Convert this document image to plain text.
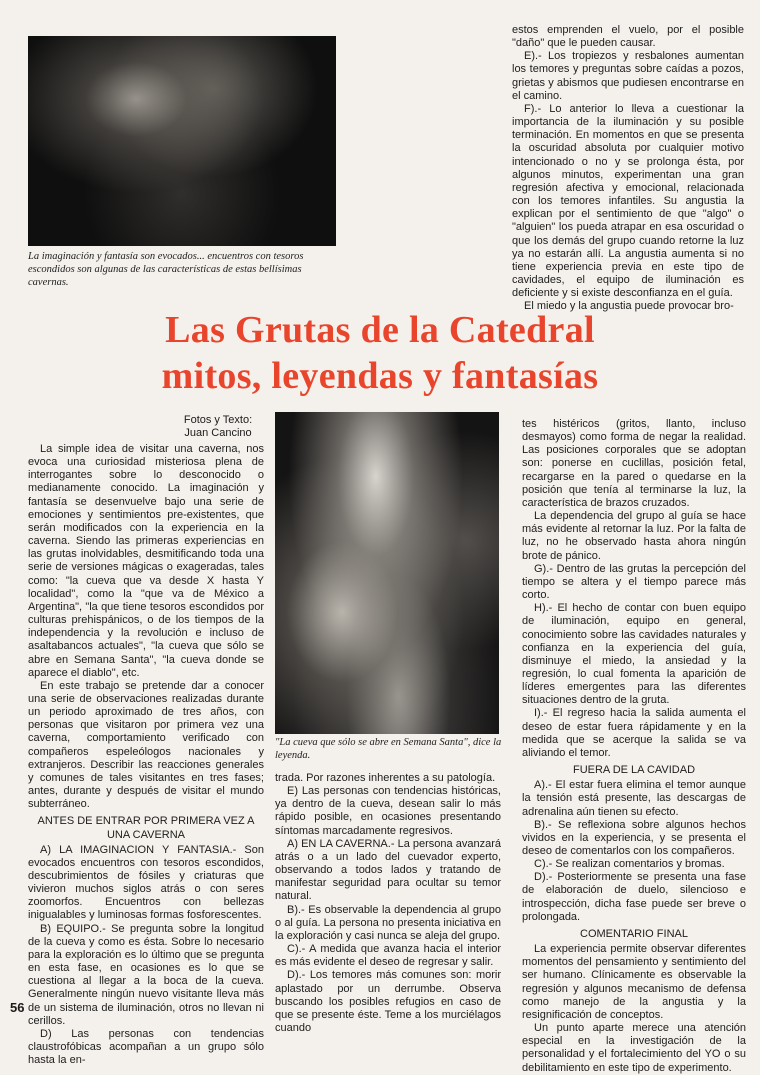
La imaginación y fantasía son evocados... encuentros con tesoros escondidos son algunas de las características de estas bellísimas cavernas.

estos emprenden el vuelo, por el posible "daño" que le pueden causar.

E).- Los tropiezos y resbalones aumentan los temores y preguntas sobre caídas a pozos, grietas y abismos que pudiesen encontrarse en el camino.

F).- Lo anterior lo lleva a cuestionar la importancia de la iluminación y su posible terminación. En momentos en que se presenta la oscuridad absoluta por cualquier motivo intencionado o no y se prolonga ésta, por algunos minutos, experimentan una gran regresión afectiva y emocional, relacionada con los temores infantiles. Su angustia la explican por el sentimiento de que "algo" o "alguien" los pueda atrapar en esa oscuridad o que los demás del grupo cuando retorne la luz ya no estarán allí. La angustia aumenta si no tiene experiencia previa en este tipo de cavidades, el equipo de iluminación es deficiente y si existe desconfianza en el guía.

El miedo y la angustia puede provocar bro-

Las Grutas de la Catedral
mitos, leyendas y fantasías
Fotos y Texto:
Juan Cancino

La simple idea de visitar una caverna, nos evoca una curiosidad misteriosa plena de interrogantes sobre lo desconocido o medianamente conocido. La imaginación y fantasía se desenvuelve bajo una serie de emociones y sentimientos pre-existentes, que serán modificados con la experiencia en la caverna. Siendo las primeras experiencias en las grutas inolvidables, desmitificando toda una serie de versiones mágicas o exageradas, tales como: "la cueva que va desde X hasta Y localidad", como la "que va de México a Argentina", "la que tiene tesoros escondidos por culturas prehispánicos, o de los tiempos de la independencia y la revolución e incluso de asaltabancos actuales", "la cueva que sólo se abre en Semana Santa", "la cueva donde se aparece el diablo", etc.

En este trabajo se pretende dar a conocer una serie de observaciones realizadas durante un periodo aproximado de tres años, con personas que visitaron por primera vez una caverna, comportamiento verificado con compañeros espeleólogos nacionales y extranjeros. Describir las reacciones generales y comunes de tales visitantes en tres fases; antes, durante y después de visitar el mundo subterráneo.

ANTES DE ENTRAR POR PRIMERA VEZ A UNA CAVERNA

A) LA IMAGINACION Y FANTASIA.- Son evocados encuentros con tesoros escondidos, descubrimientos de fósiles y criaturas que vivieron muchos siglos atrás o con seres zoomorfos. Encuentros con bellezas inigualables y luminosas formas fosforescentes.

B) EQUIPO.- Se pregunta sobre la longitud de la cueva y como es ésta. Sobre lo necesario para la exploración es lo último que se pregunta en esta fase, en ocasiones es lo que se cuestiona al llegar a la boca de la cueva. Generalmente ningún nuevo visitante lleva más de un sistema de iluminación, otros no llevan ni cerillos.

D) Las personas con tendencias claustrofóbicas acompañan a un grupo sólo hasta la en-

"La cueva que sólo se abre en Semana Santa", dice la leyenda.

trada. Por razones inherentes a su patología.

E) Las personas con tendencias históricas, ya dentro de la cueva, desean salir lo más rápido posible, en ocasiones presentando síntomas marcadamente regresivos.

A) EN LA CAVERNA.- La persona avanzará atrás o a un lado del cuevador experto, observando a todos lados y tratando de manifestar seguridad para ocultar su temor natural.

B).- Es observable la dependencia al grupo o al guía. La persona no presenta iniciativa en la exploración y casi nunca se aleja del grupo.

C).- A medida que avanza hacia el interior es más evidente el deseo de regresar y salir.

D).- Los temores más comunes son: morir aplastado por un derrumbe. Observa buscando los posibles refugios en caso de que se presente éste. Teme a los murciélagos cuando

tes histéricos (gritos, llanto, incluso desmayos) como forma de negar la realidad. Las posiciones corporales que se adoptan son: ponerse en cuclillas, posición fetal, recargarse en la pared o quedarse en la posición que tenía al terminarse la luz, la característica de brazos cruzados.

La dependencia del grupo al guía se hace más evidente al retornar la luz. Por la falta de luz, no he observado hasta ahora ningún brote de pánico.

G).- Dentro de las grutas la percepción del tiempo se altera y el tiempo parece más corto.

H).- El hecho de contar con buen equipo de iluminación, equipo en general, conocimiento sobre las cavidades naturales y confianza en la experiencia del guía, disminuye el miedo, la ansiedad y la regresión, lo cual fomenta la aparición de líderes emergentes para las diferentes situaciones dentro de la gruta.

I).- El regreso hacia la salida aumenta el deseo de estar fuera rápidamente y en la medida que se acerque la salida se va aliviando el temor.

FUERA DE LA CAVIDAD

A).- El estar fuera elimina el temor aunque la tensión está presente, las descargas de adrenalina aún tienen su efecto.

B).- Se reflexiona sobre algunos hechos vividos en la experiencia, y se presenta el deseo de comentarlos con los compañeros.

C).- Se realizan comentarios y bromas.

D).- Posteriormente se presenta una fase de elaboración de duelo, silencioso e introspección, dicha fase puede ser breve o prolongada.

COMENTARIO FINAL

La experiencia permite observar diferentes momentos del pensamiento y sentimiento del ser humano. Clínicamente es observable la regresión y algunos mecanismo de defensa como manejo de la angustia y la resignificación de conceptos.

Un punto aparte merece una atención especial en la investigación de la personalidad y el fortalecimiento del YO o su debilitamiento en este tipo de experimento.

56
